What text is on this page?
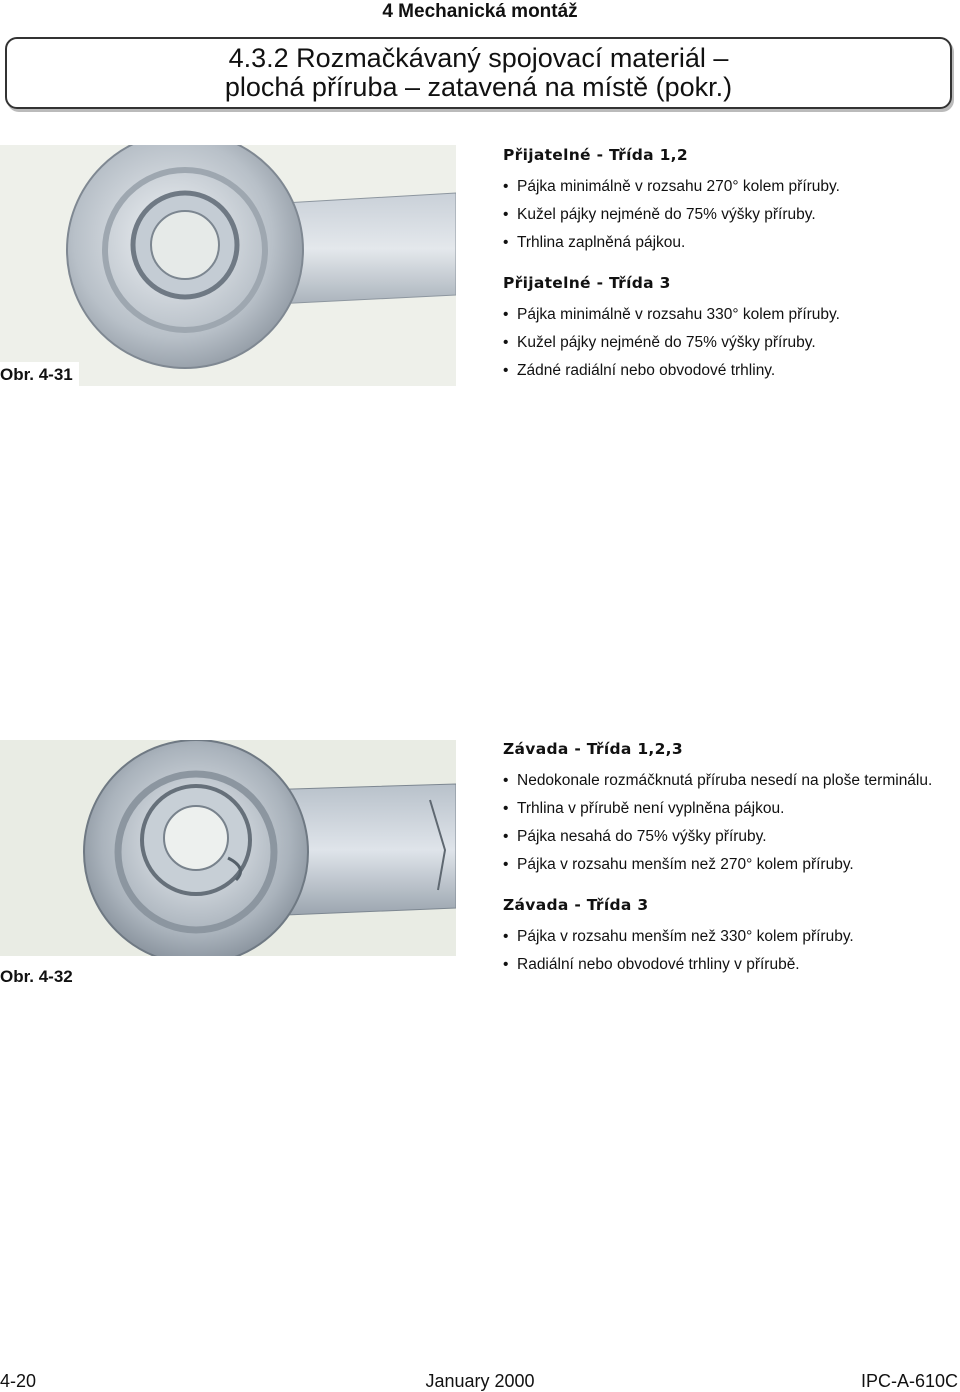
4 Mechanická montáž
4.3.2 Rozmačkávaný spojovací materiál –
plochá příruba – zatavená na místě (pokr.)
Obr. 4-31
Přijatelné - Třída 1,2
• Pájka minimálně v rozsahu 270° kolem příruby.
• Kužel pájky nejméně do 75% výšky příruby.
• Trhlina zaplněná pájkou.
Přijatelné - Třída 3
• Pájka minimálně v rozsahu 330° kolem příruby.
• Kužel pájky nejméně do 75% výšky příruby.
• Zádné radiální nebo obvodové trhliny.
Obr. 4-32
Závada - Třída 1,2,3
• Nedokonale rozmáčknutá příruba nesedí na ploše terminálu.
• Trhlina v přírubě není vyplněna pájkou.
• Pájka nesahá do 75% výšky příruby.
• Pájka v rozsahu menším než 270° kolem příruby.
Závada - Třída 3
• Pájka v rozsahu menším než 330° kolem příruby.
• Radiální nebo obvodové trhliny v přírubě.
4-20	January 2000	IPC-A-610C
